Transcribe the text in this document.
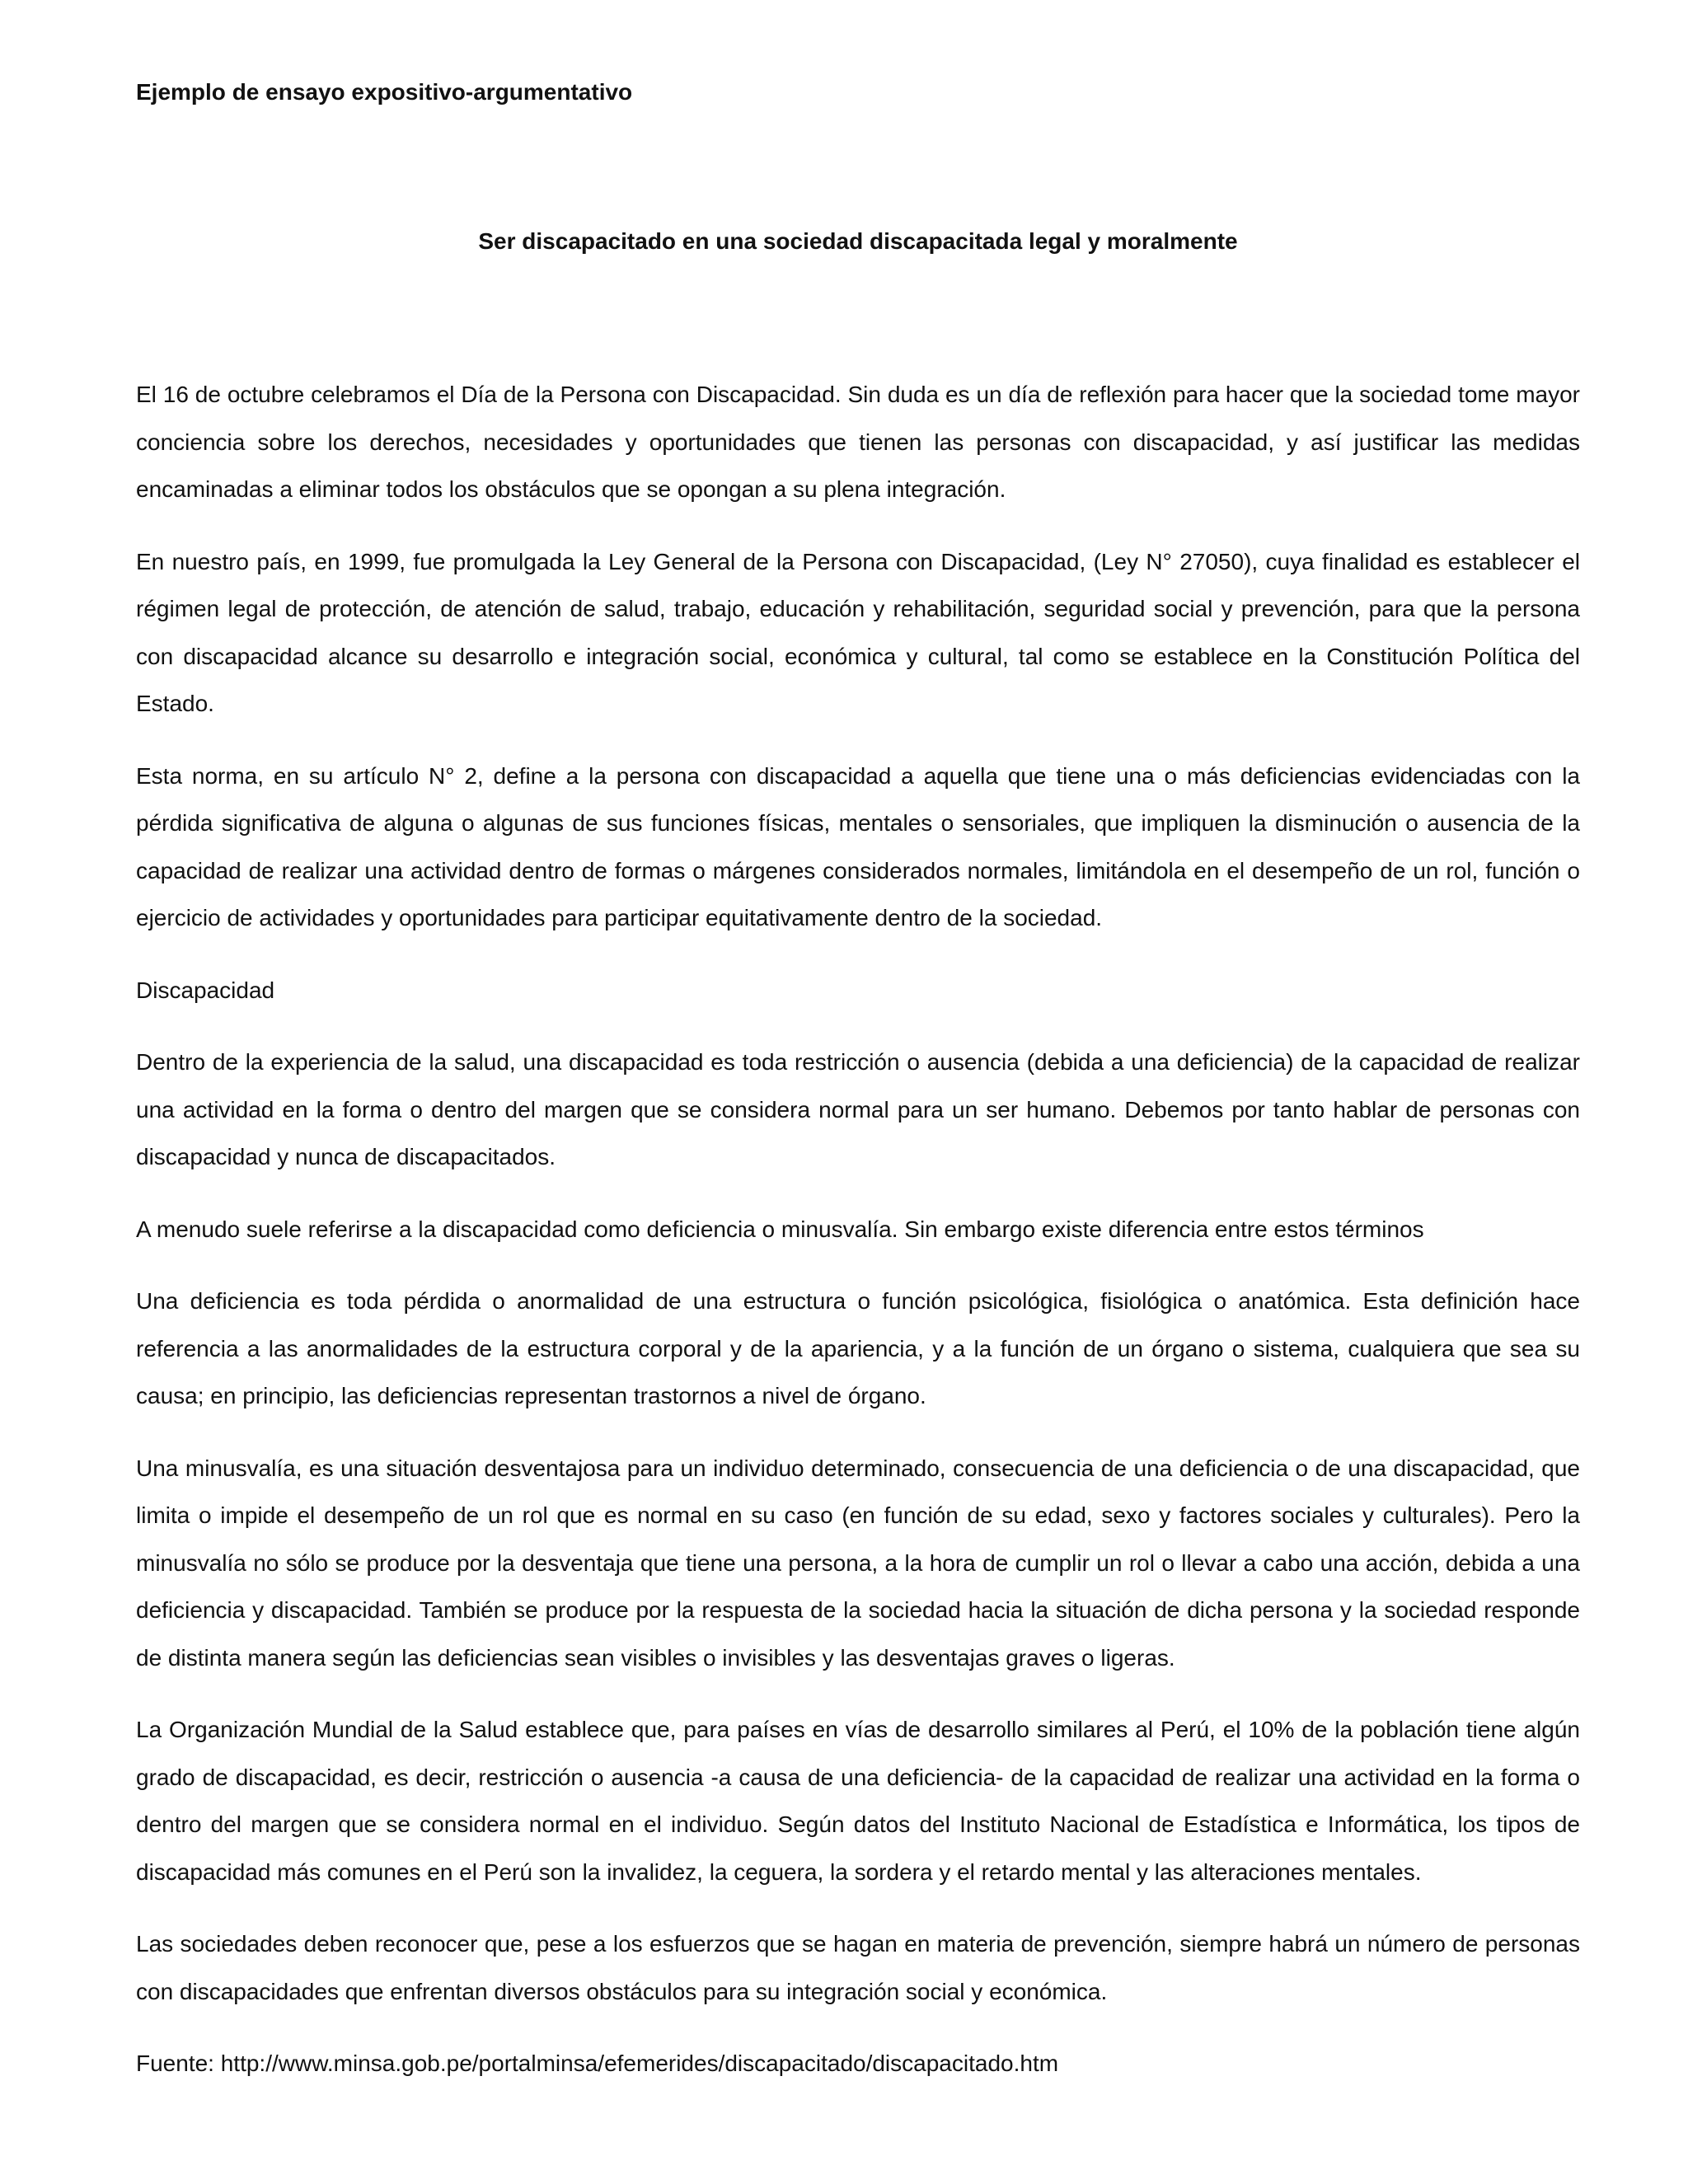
Ejemplo de ensayo expositivo-argumentativo
Ser discapacitado en una sociedad discapacitada legal y moralmente

El 16 de octubre celebramos el Día de la Persona con Discapacidad. Sin duda es un día de reflexión para hacer que la sociedad tome mayor conciencia sobre los derechos, necesidades y oportunidades que tienen las personas con discapacidad, y así justificar las medidas encaminadas a eliminar todos los obstáculos que se opongan a su plena integración.

En nuestro país, en 1999, fue promulgada la Ley General de la Persona con Discapacidad, (Ley N° 27050), cuya finalidad es establecer el régimen legal de protección, de atención de salud, trabajo, educación y rehabilitación, seguridad social y prevención, para que la persona con discapacidad alcance su desarrollo e integración social, económica y cultural, tal como se establece en la Constitución Política del Estado.

Esta norma, en su artículo N° 2, define a la persona con discapacidad a aquella que tiene una o más deficiencias evidenciadas con la pérdida significativa de alguna o algunas de sus funciones físicas, mentales o sensoriales, que impliquen la disminución o ausencia de la capacidad de realizar una actividad dentro de formas o márgenes considerados normales, limitándola en el desempeño de un rol, función o ejercicio de actividades y oportunidades para participar equitativamente dentro de la sociedad.

Discapacidad

Dentro de la experiencia de la salud, una discapacidad es toda restricción o ausencia (debida a una deficiencia) de la capacidad de realizar una actividad en la forma o dentro del margen que se considera normal para un ser humano. Debemos por tanto hablar de personas con discapacidad y nunca de discapacitados.

A menudo suele referirse a la discapacidad como deficiencia o minusvalía. Sin embargo existe diferencia entre estos términos

Una deficiencia es toda pérdida o anormalidad de una estructura o función psicológica, fisiológica o anatómica. Esta definición hace referencia a las anormalidades de la estructura corporal y de la apariencia, y a la función de un órgano o sistema, cualquiera que sea su causa; en principio, las deficiencias representan trastornos a nivel de órgano.

Una minusvalía, es una situación desventajosa para un individuo determinado, consecuencia de una deficiencia o de una discapacidad, que limita o impide el desempeño de un rol que es normal en su caso (en función de su edad, sexo y factores sociales y culturales). Pero la minusvalía no sólo se produce por la desventaja que tiene una persona, a la hora de cumplir un rol o llevar a cabo una acción, debida a una deficiencia y discapacidad. También se produce por la respuesta de la sociedad hacia la situación de dicha persona y la sociedad responde de distinta manera según las deficiencias sean visibles o invisibles y las desventajas graves o ligeras.

La Organización Mundial de la Salud establece que, para países en vías de desarrollo similares al Perú, el 10% de la población tiene algún grado de discapacidad, es decir, restricción o ausencia -a causa de una deficiencia- de la capacidad de realizar una actividad en la forma o dentro del margen que se considera normal en el individuo. Según datos del Instituto Nacional de Estadística e Informática, los tipos de discapacidad más comunes en el Perú son la invalidez, la ceguera, la sordera y el retardo mental y las alteraciones mentales.

Las sociedades deben reconocer que, pese a los esfuerzos que se hagan en materia de prevención, siempre habrá un número de personas con discapacidades que enfrentan diversos obstáculos para su integración social y económica.

Fuente: http://www.minsa.gob.pe/portalminsa/efemerides/discapacitado/discapacitado.htm
